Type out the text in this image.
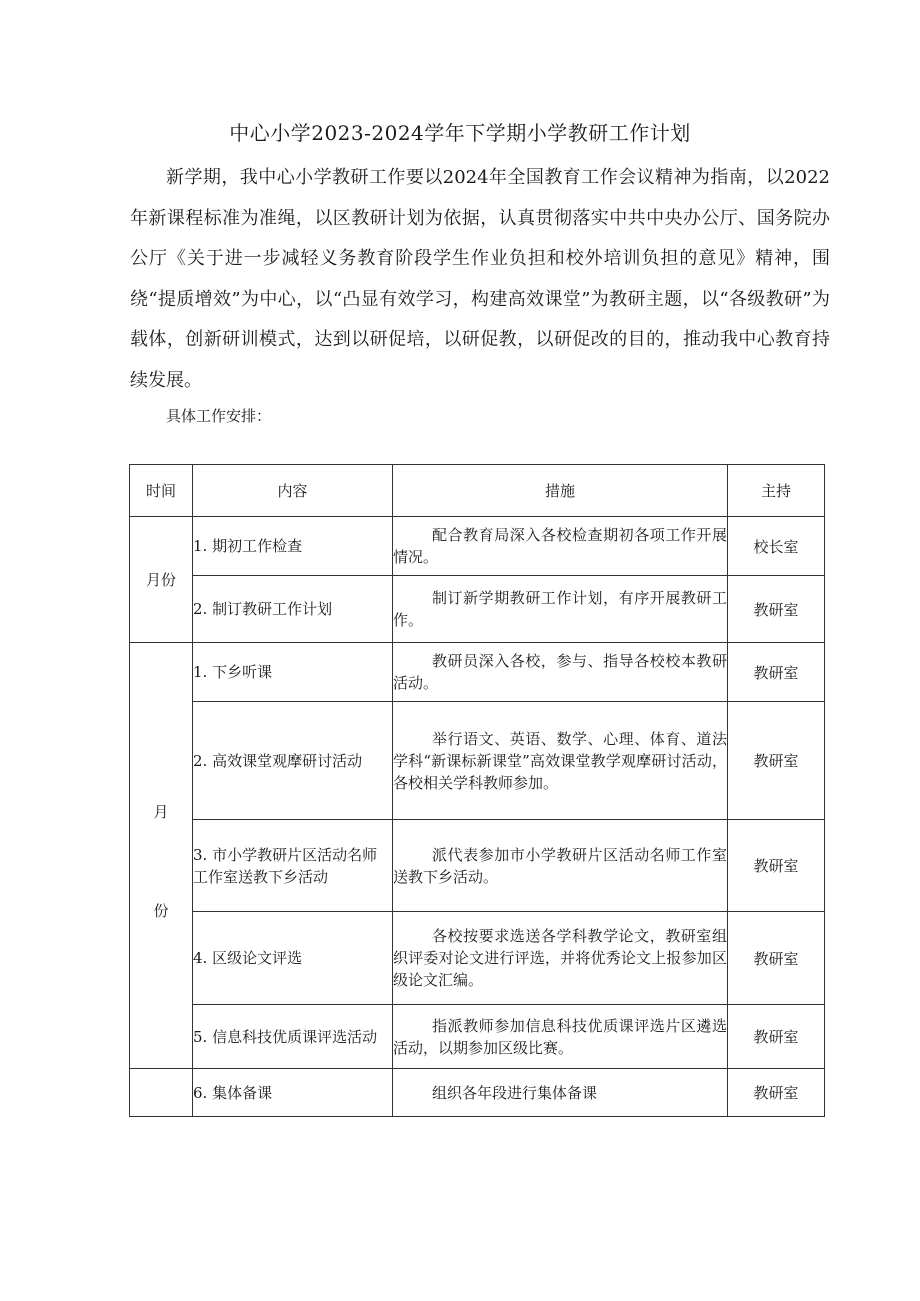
中心小学2023-2024学年下学期小学教研工作计划

新学期，我中心小学教研工作要以2024年全国教育工作会议精神为指南，以2022年新课程标准为准绳，以区教研计划为依据，认真贯彻落实中共中央办公厅、国务院办公厅《关于进一步减轻义务教育阶段学生作业负担和校外培训负担的意见》精神，围绕“提质增效”为中心，以“凸显有效学习，构建高效课堂”为教研主题，以“各级教研”为载体，创新研训模式，达到以研促培，以研促教，以研促改的目的，推动我中心教育持续发展。

具体工作安排：

时间	内容	措施	主持
月份	1. 期初工作检查	配合教育局深入各校检查期初各项工作开展情况。	校长室
	2. 制订教研工作计划	制订新学期教研工作计划，有序开展教研工作。	教研室

月
份	1. 下乡听课	教研员深入各校，参与、指导各校校本教研活动。	教研室
	2. 高效课堂观摩研讨活动	举行语文、英语、数学、心理、体育、道法学科“新课标新课堂”高效课堂教学观摩研讨活动，各校相关学科教师参加。	教研室
	3. 市小学教研片区活动名师工作室送教下乡活动	派代表参加市小学教研片区活动名师工作室送教下乡活动。	教研室
	4. 区级论文评选	各校按要求选送各学科教学论文，教研室组织评委对论文进行评选，并将优秀论文上报参加区级论文汇编。	教研室
	5. 信息科技优质课评选活动	指派教师参加信息科技优质课评选片区遴选活动，以期参加区级比赛。	教研室
	6. 集体备课	组织各年段进行集体备课	教研室
